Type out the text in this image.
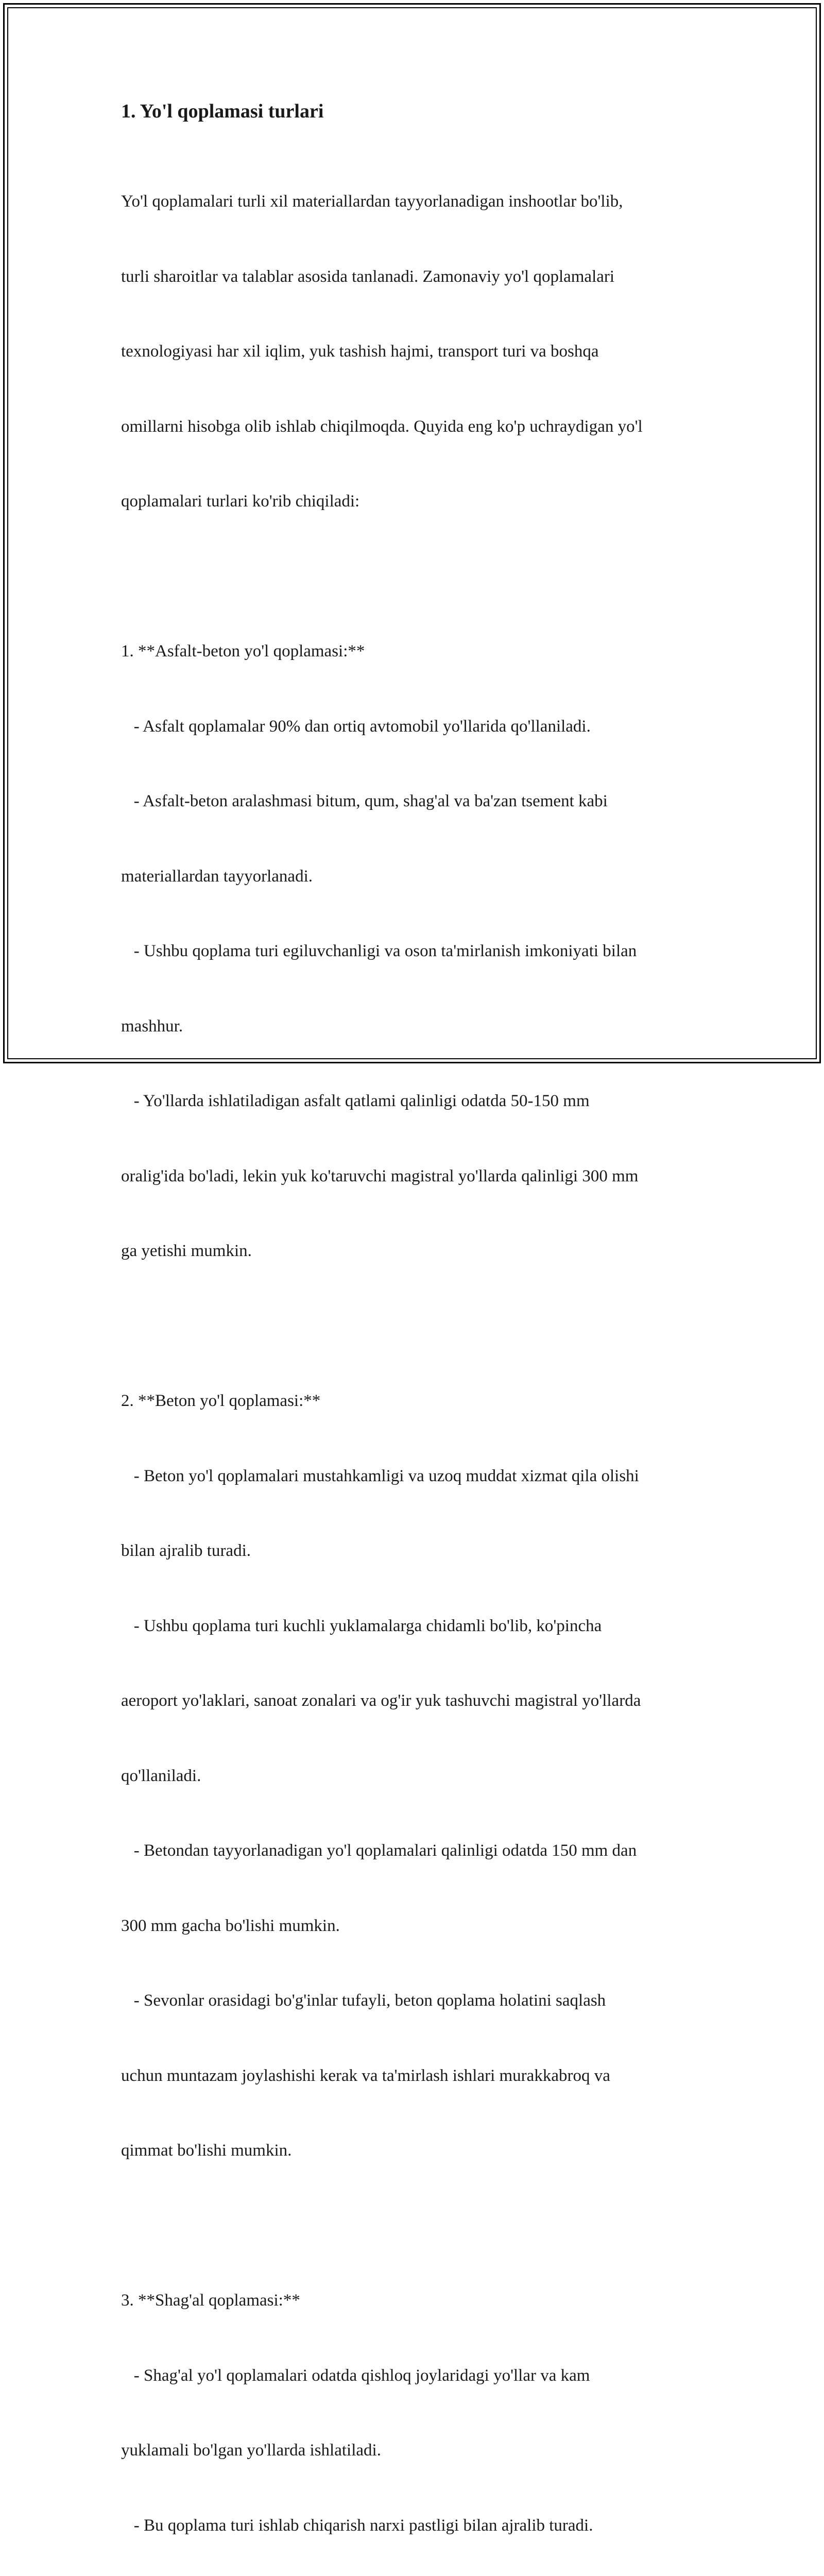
1. Yo'l qoplamasi turlari

Yo'l qoplamalari turli xil materiallardan tayyorlanadigan inshootlar bo'lib,

turli sharoitlar va talablar asosida tanlanadi. Zamonaviy yo'l qoplamalari

texnologiyasi har xil iqlim, yuk tashish hajmi, transport turi va boshqa

omillarni hisobga olib ishlab chiqilmoqda. Quyida eng ko'p uchraydigan yo'l

qoplamalari turlari ko'rib chiqiladi:

1. **Asfalt-beton yo'l qoplamasi:**

- Asfalt qoplamalar 90% dan ortiq avtomobil yo'llarida qo'llaniladi.

- Asfalt-beton aralashmasi bitum, qum, shag'al va ba'zan tsement kabi

materiallardan tayyorlanadi.

- Ushbu qoplama turi egiluvchanligi va oson ta'mirlanish imkoniyati bilan

mashhur.

- Yo'llarda ishlatiladigan asfalt qatlami qalinligi odatda 50-150 mm

oralig'ida bo'ladi, lekin yuk ko'taruvchi magistral yo'llarda qalinligi 300 mm

ga yetishi mumkin.

2. **Beton yo'l qoplamasi:**

- Beton yo'l qoplamalari mustahkamligi va uzoq muddat xizmat qila olishi

bilan ajralib turadi.

- Ushbu qoplama turi kuchli yuklamalarga chidamli bo'lib, ko'pincha

aeroport yo'laklari, sanoat zonalari va og'ir yuk tashuvchi magistral yo'llarda

qo'llaniladi.

- Betondan tayyorlanadigan yo'l qoplamalari qalinligi odatda 150 mm dan

300 mm gacha bo'lishi mumkin.

- Sevonlar orasidagi bo'g'inlar tufayli, beton qoplama holatini saqlash

uchun muntazam joylashishi kerak va ta'mirlash ishlari murakkabroq va

qimmat bo'lishi mumkin.

3. **Shag'al qoplamasi:**

- Shag'al yo'l qoplamalari odatda qishloq joylaridagi yo'llar va kam

yuklamali bo'lgan yo'llarda ishlatiladi.

- Bu qoplama turi ishlab chiqarish narxi pastligi bilan ajralib turadi.
